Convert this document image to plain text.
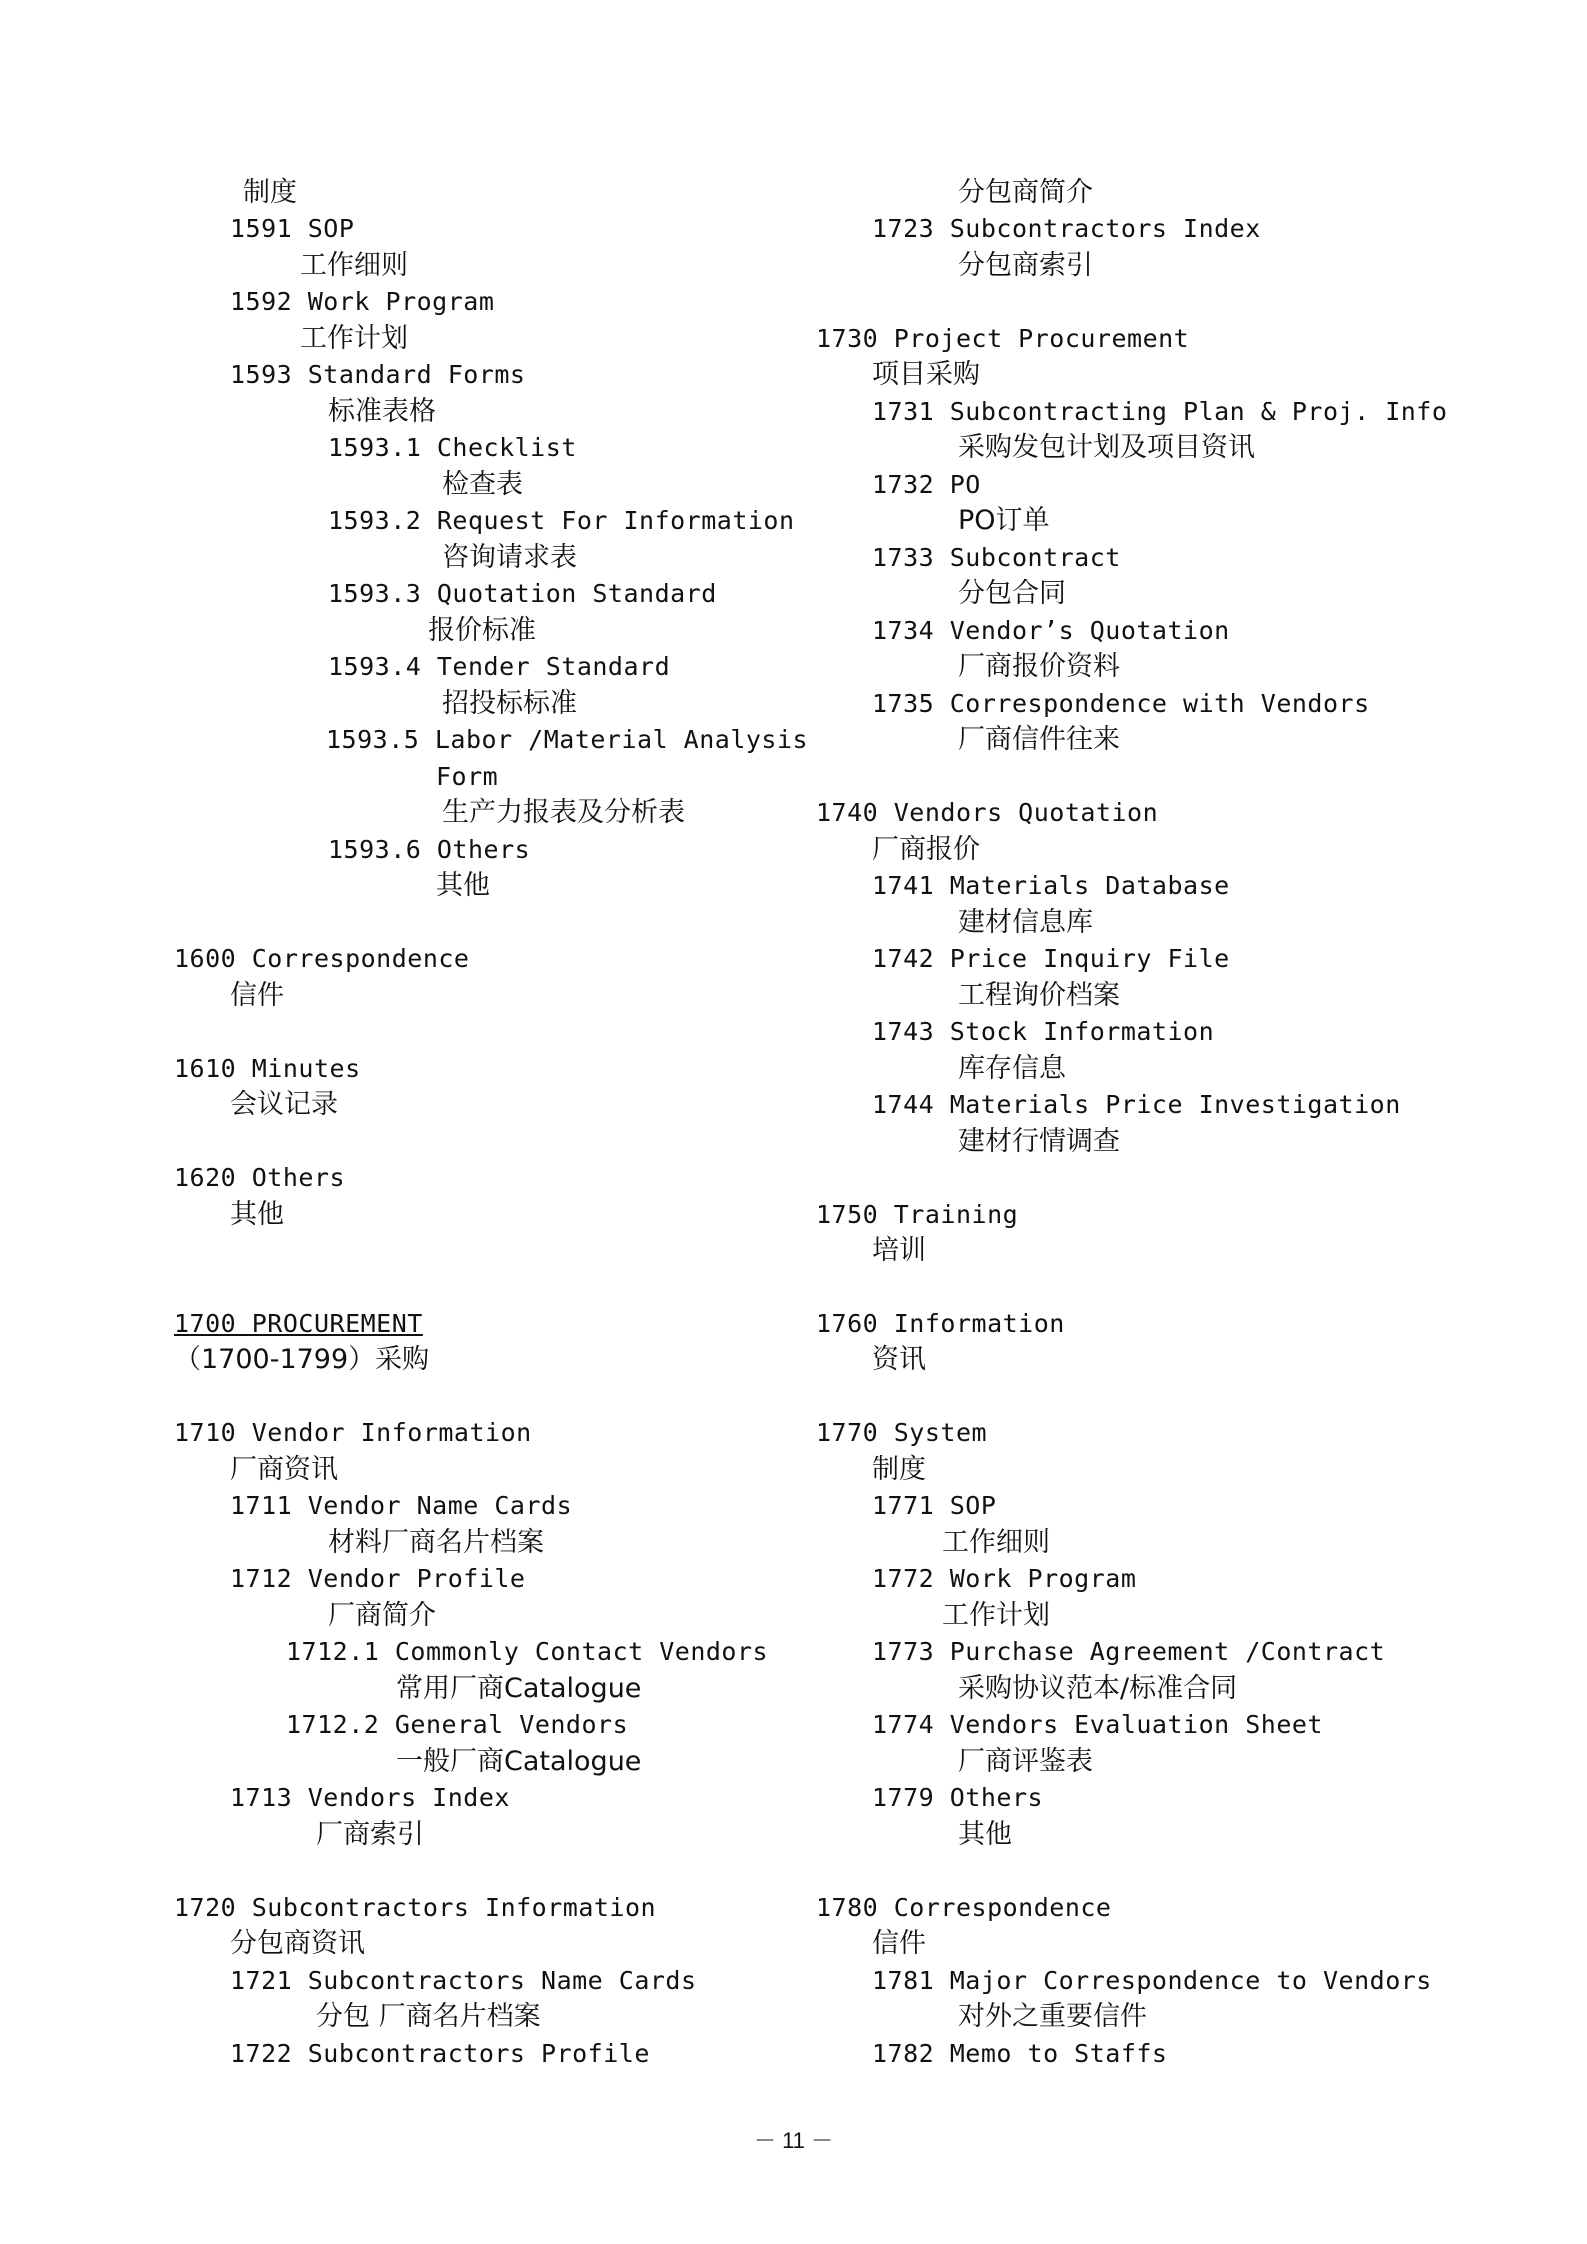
制度
1591 SOP
工作细则
1592 Work Program
工作计划
1593 Standard Forms
标准表格
1593.1 Checklist
检查表
1593.2 Request For Information
咨询请求表
1593.3 Quotation Standard
报价标准
1593.4 Tender Standard
招投标标准
1593.5 Labor /Material Analysis
Form
生产力报表及分析表
1593.6 Others
其他
1600 Correspondence
信件
1610 Minutes
会议记录
1620 Others
其他
1700 PROCUREMENT
（1700-1799）采购
1710 Vendor Information
厂商资讯
1711 Vendor Name Cards
材料厂商名片档案
1712 Vendor Profile
厂商简介
1712.1 Commonly Contact Vendors
常用厂商Catalogue
1712.2 General Vendors
一般厂商Catalogue
1713 Vendors Index
厂商索引
1720 Subcontractors Information
分包商资讯
1721 Subcontractors Name Cards
分包 厂商名片档案
1722 Subcontractors Profile
分包商简介
1723 Subcontractors Index
分包商索引
1730 Project Procurement
项目采购
1731 Subcontracting Plan & Proj. Info
采购发包计划及项目资讯
1732 PO
PO订单
1733 Subcontract
分包合同
1734 Vendor’s Quotation
厂商报价资料
1735 Correspondence with Vendors
厂商信件往来
1740 Vendors Quotation
厂商报价
1741 Materials Database
建材信息库
1742 Price Inquiry File
工程询价档案
1743 Stock Information
库存信息
1744 Materials Price Investigation
建材行情调查
1750 Training
培训
1760 Information
资讯
1770 System
制度
1771 SOP
工作细则
1772 Work Program
工作计划
1773 Purchase Agreement /Contract
采购协议范本/标准合同
1774 Vendors Evaluation Sheet
厂商评鉴表
1779 Others
其他
1780 Correspondence
信件
1781 Major Correspondence to Vendors
对外之重要信件
1782 Memo to Staffs
－ 11 －
